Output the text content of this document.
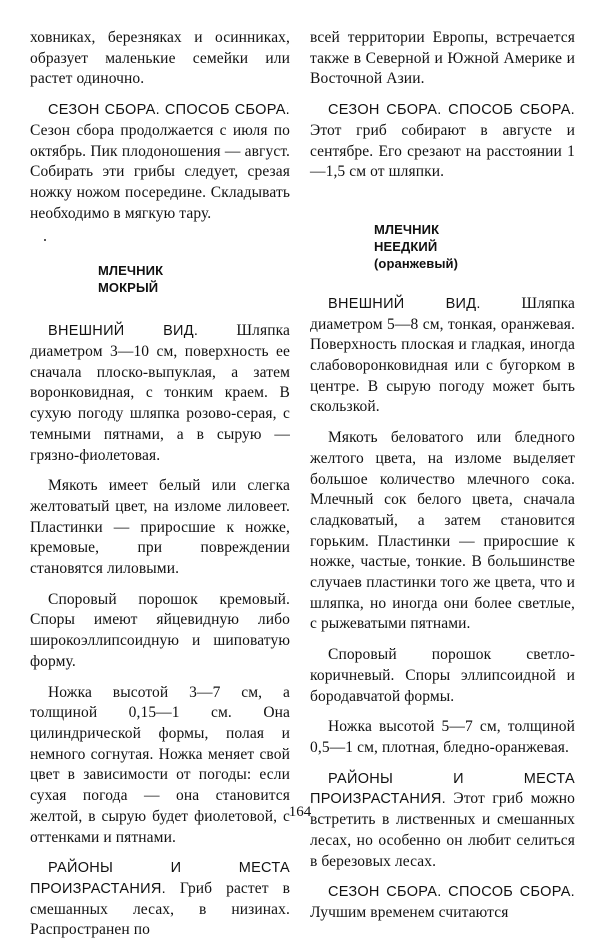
ховниках, березняках и осинниках, образует маленькие семейки или растет одиночно.

СЕЗОН СБОРА. СПОСОБ СБОРА. Сезон сбора продолжается с июля по октябрь. Пик плодоношения — август. Собирать эти грибы следует, срезая ножку ножом посередине. Складывать необходимо в мягкую тару.

МЛЕЧНИК

МОКРЫЙ

ВНЕШНИЙ ВИД. Шляпка диаметром 3—10 см, поверхность ее сначала плоско-выпуклая, а затем воронковидная, с тонким краем. В сухую погоду шляпка розово-серая, с темными пятнами, а в сырую — грязно-фиолетовая.

Мякоть имеет белый или слегка желтоватый цвет, на изломе лиловеет. Пластинки — приросшие к ножке, кремовые, при повреждении становятся лиловыми.

Споровый порошок кремовый. Споры имеют яйцевидную либо широкоэллипсоидную и шиповатую форму.

Ножка высотой 3—7 см, а толщиной 0,15—1 см. Она цилиндрической формы, полая и немного согнутая. Ножка меняет свой цвет в зависимости от погоды: если сухая погода — она становится желтой, в сырую будет фиолетовой, с оттенками и пятнами.

РАЙОНЫ И МЕСТА ПРОИЗРАСТАНИЯ. Гриб растет в смешанных лесах, в низинах. Распространен по

всей территории Европы, встречается также в Северной и Южной Америке и Восточной Азии.

СЕЗОН СБОРА. СПОСОБ СБОРА. Этот гриб собирают в августе и сентябре. Его срезают на расстоянии 1—1,5 см от шляпки.

МЛЕЧНИК

НЕЕДКИЙ

(оранжевый)

ВНЕШНИЙ ВИД. Шляпка диаметром 5—8 см, тонкая, оранжевая. Поверхность плоская и гладкая, иногда слабоворонковидная или с бугорком в центре. В сырую погоду может быть скользкой.

Мякоть беловатого или бледного желтого цвета, на изломе выделяет большое количество млечного сока. Млечный сок белого цвета, сначала сладковатый, а затем становится горьким. Пластинки — приросшие к ножке, частые, тонкие. В большинстве случаев пластинки того же цвета, что и шляпка, но иногда они более светлые, с рыжеватыми пятнами.

Споровый порошок светло-коричневый. Споры эллипсоидной и бородавчатой формы.

Ножка высотой 5—7 см, толщиной 0,5—1 см, плотная, бледно-оранжевая.

РАЙОНЫ И МЕСТА ПРОИЗРАСТАНИЯ. Этот гриб можно встретить в лиственных и смешанных лесах, но особенно он любит селиться в березовых лесах.

СЕЗОН СБОРА. СПОСОБ СБОРА. Лучшим временем считаются

164
